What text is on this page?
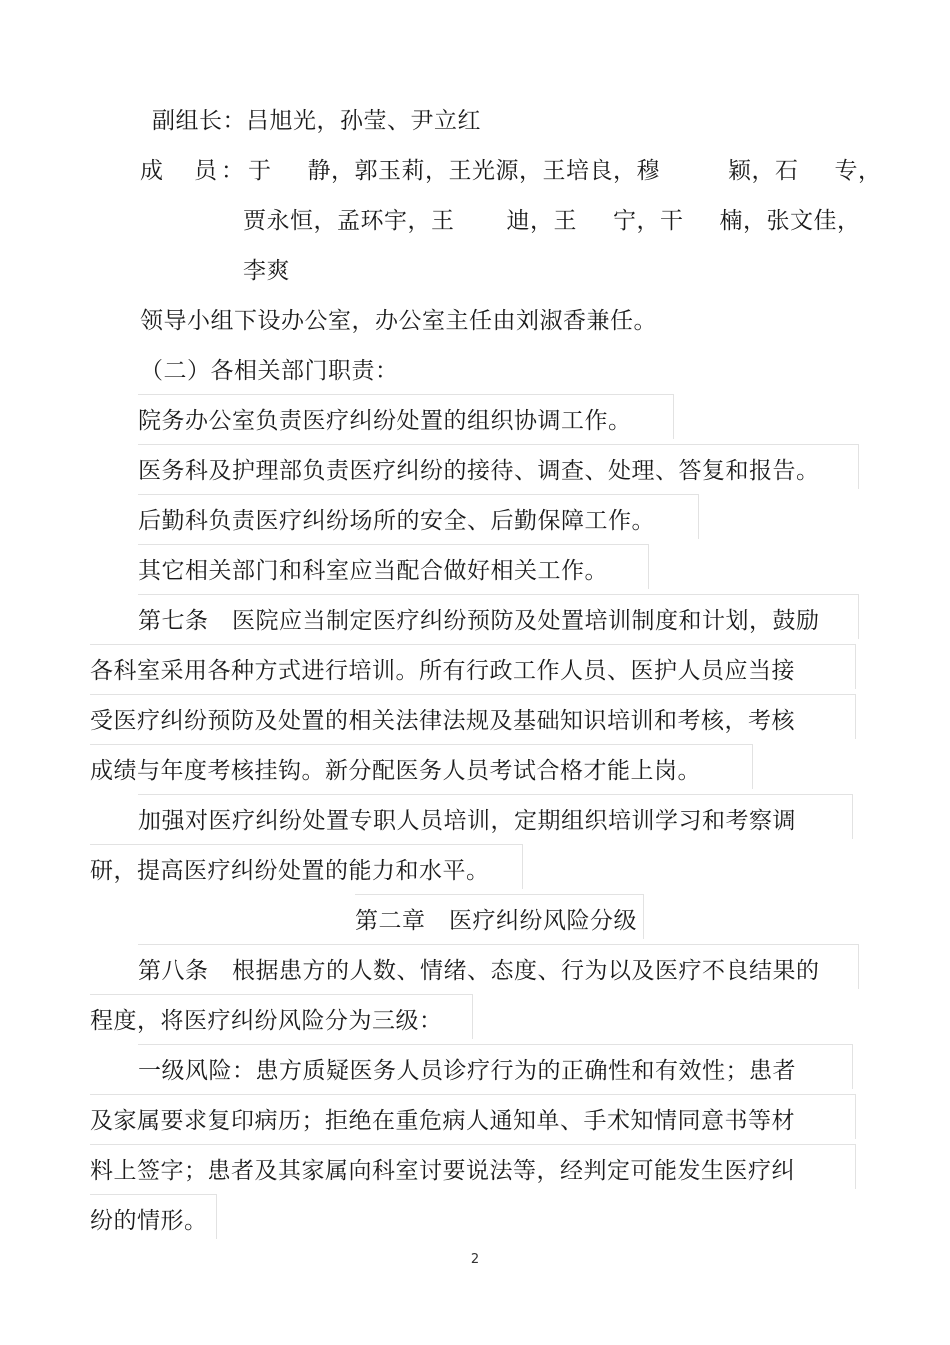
副组长：吕旭光，孙莹、尹立红
成　员：于 静，郭玉莉，王光源，王培良，穆	颖，石 专，
贾永恒，孟环宇，王 迪，王 宁，干 楠，张文佳，
李爽
领导小组下设办公室，办公室主任由刘淑香兼任。
（二）各相关部门职责：
院务办公室负责医疗纠纷处置的组织协调工作。
医务科及护理部负责医疗纠纷的接待、调查、处理、答复和报告。
后勤科负责医疗纠纷场所的安全、后勤保障工作。
其它相关部门和科室应当配合做好相关工作。
第七条　医院应当制定医疗纠纷预防及处置培训制度和计划，鼓励
各科室采用各种方式进行培训。所有行政工作人员、医护人员应当接
受医疗纠纷预防及处置的相关法律法规及基础知识培训和考核，考核
成绩与年度考核挂钩。新分配医务人员考试合格才能上岗。
加强对医疗纠纷处置专职人员培训，定期组织培训学习和考察调
研，提高医疗纠纷处置的能力和水平。
第二章　医疗纠纷风险分级
第八条　根据患方的人数、情绪、态度、行为以及医疗不良结果的
程度，将医疗纠纷风险分为三级：
一级风险：患方质疑医务人员诊疗行为的正确性和有效性；患者
及家属要求复印病历；拒绝在重危病人通知单、手术知情同意书等材
料上签字；患者及其家属向科室讨要说法等，经判定可能发生医疗纠
纷的情形。
2
